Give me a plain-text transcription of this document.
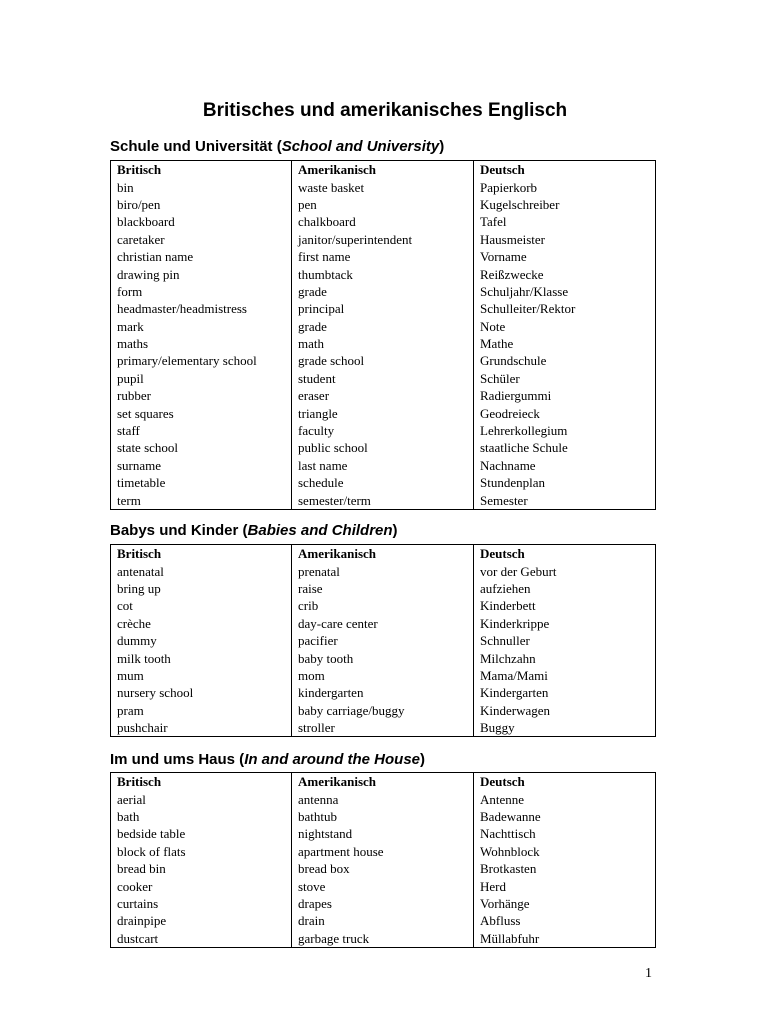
Britisches und amerikanisches Englisch
Schule und Universität (School and University)
Britisch	Amerikanisch	Deutsch
bin	waste basket	Papierkorb
biro/pen	pen	Kugelschreiber
blackboard	chalkboard	Tafel
caretaker	janitor/superintendent	Hausmeister
christian name	first name	Vorname
drawing pin	thumbtack	Reißzwecke
form	grade	Schuljahr/Klasse
headmaster/headmistress	principal	Schulleiter/Rektor
mark	grade	Note
maths	math	Mathe
primary/elementary school	grade school	Grundschule
pupil	student	Schüler
rubber	eraser	Radiergummi
set squares	triangle	Geodreieck
staff	faculty	Lehrerkollegium
state school	public school	staatliche Schule
surname	last name	Nachname
timetable	schedule	Stundenplan
term	semester/term	Semester
Babys und Kinder (Babies and Children)
Britisch	Amerikanisch	Deutsch
antenatal	prenatal	vor der Geburt
bring up	raise	aufziehen
cot	crib	Kinderbett
crèche	day-care center	Kinderkrippe
dummy	pacifier	Schnuller
milk tooth	baby tooth	Milchzahn
mum	mom	Mama/Mami
nursery school	kindergarten	Kindergarten
pram	baby carriage/buggy	Kinderwagen
pushchair	stroller	Buggy
Im und ums Haus (In and around the House)
Britisch	Amerikanisch	Deutsch
aerial	antenna	Antenne
bath	bathtub	Badewanne
bedside table	nightstand	Nachttisch
block of flats	apartment house	Wohnblock
bread bin	bread box	Brotkasten
cooker	stove	Herd
curtains	drapes	Vorhänge
drainpipe	drain	Abfluss
dustcart	garbage truck	Müllabfuhr
1
